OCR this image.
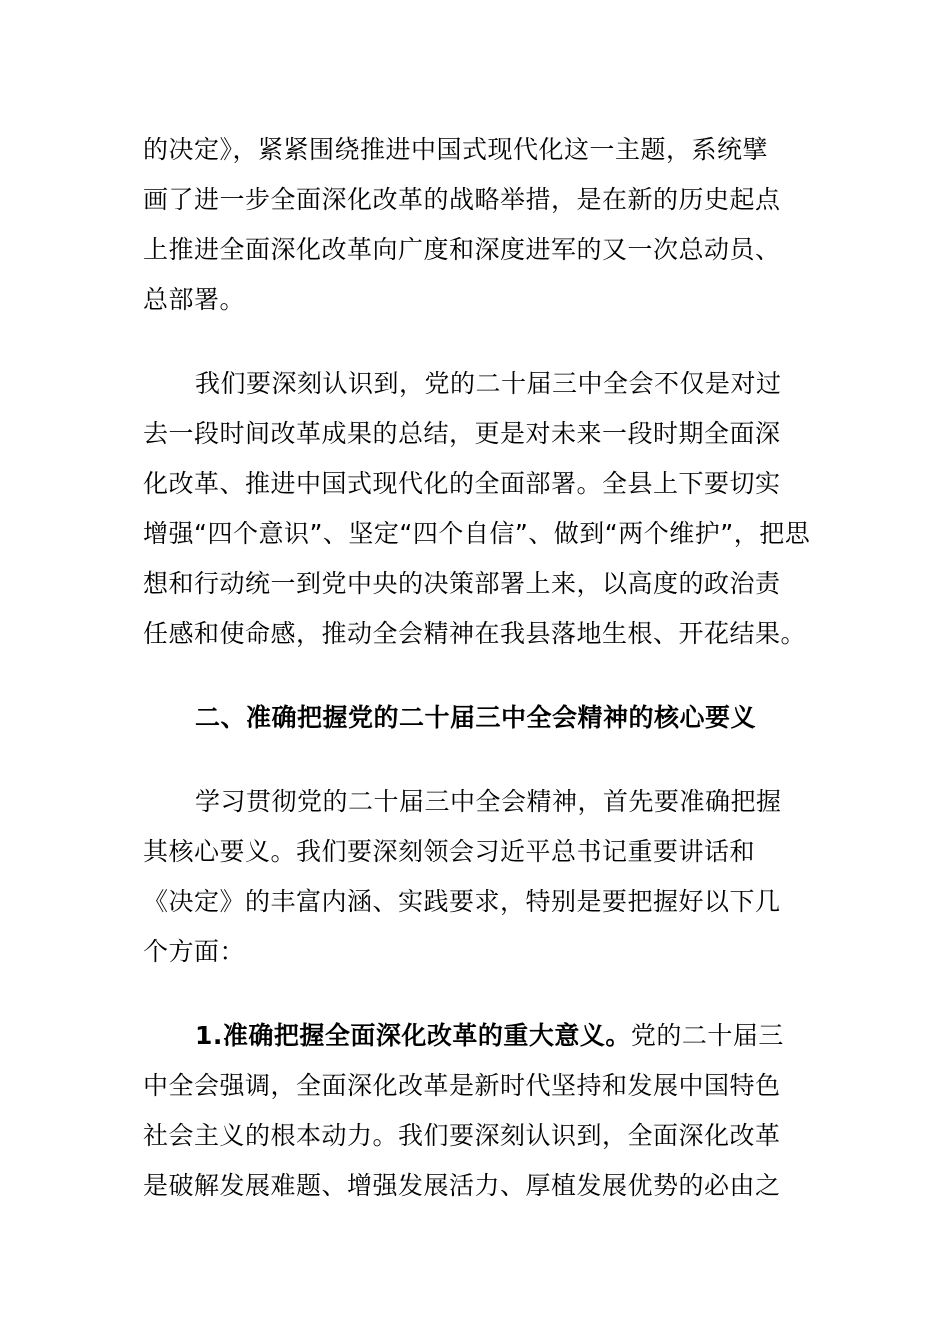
的决定》，紧紧围绕推进中国式现代化这一主题，系统擘
画了进一步全面深化改革的战略举措，是在新的历史起点
上推进全面深化改革向广度和深度进军的又一次总动员、
总部署。
我们要深刻认识到，党的二十届三中全会不仅是对过
去一段时间改革成果的总结，更是对未来一段时期全面深
化改革、推进中国式现代化的全面部署。全县上下要切实
增强“四个意识”、坚定“四个自信”、做到“两个维护”，把思
想和行动统一到党中央的决策部署上来，以高度的政治责
任感和使命感，推动全会精神在我县落地生根、开花结果。
二、准确把握党的二十届三中全会精神的核心要义
学习贯彻党的二十届三中全会精神，首先要准确把握
其核心要义。我们要深刻领会习近平总书记重要讲话和
《决定》的丰富内涵、实践要求，特别是要把握好以下几
个方面：
1.准确把握全面深化改革的重大意义。党的二十届三
中全会强调，全面深化改革是新时代坚持和发展中国特色
社会主义的根本动力。我们要深刻认识到，全面深化改革
是破解发展难题、增强发展活力、厚植发展优势的必由之
